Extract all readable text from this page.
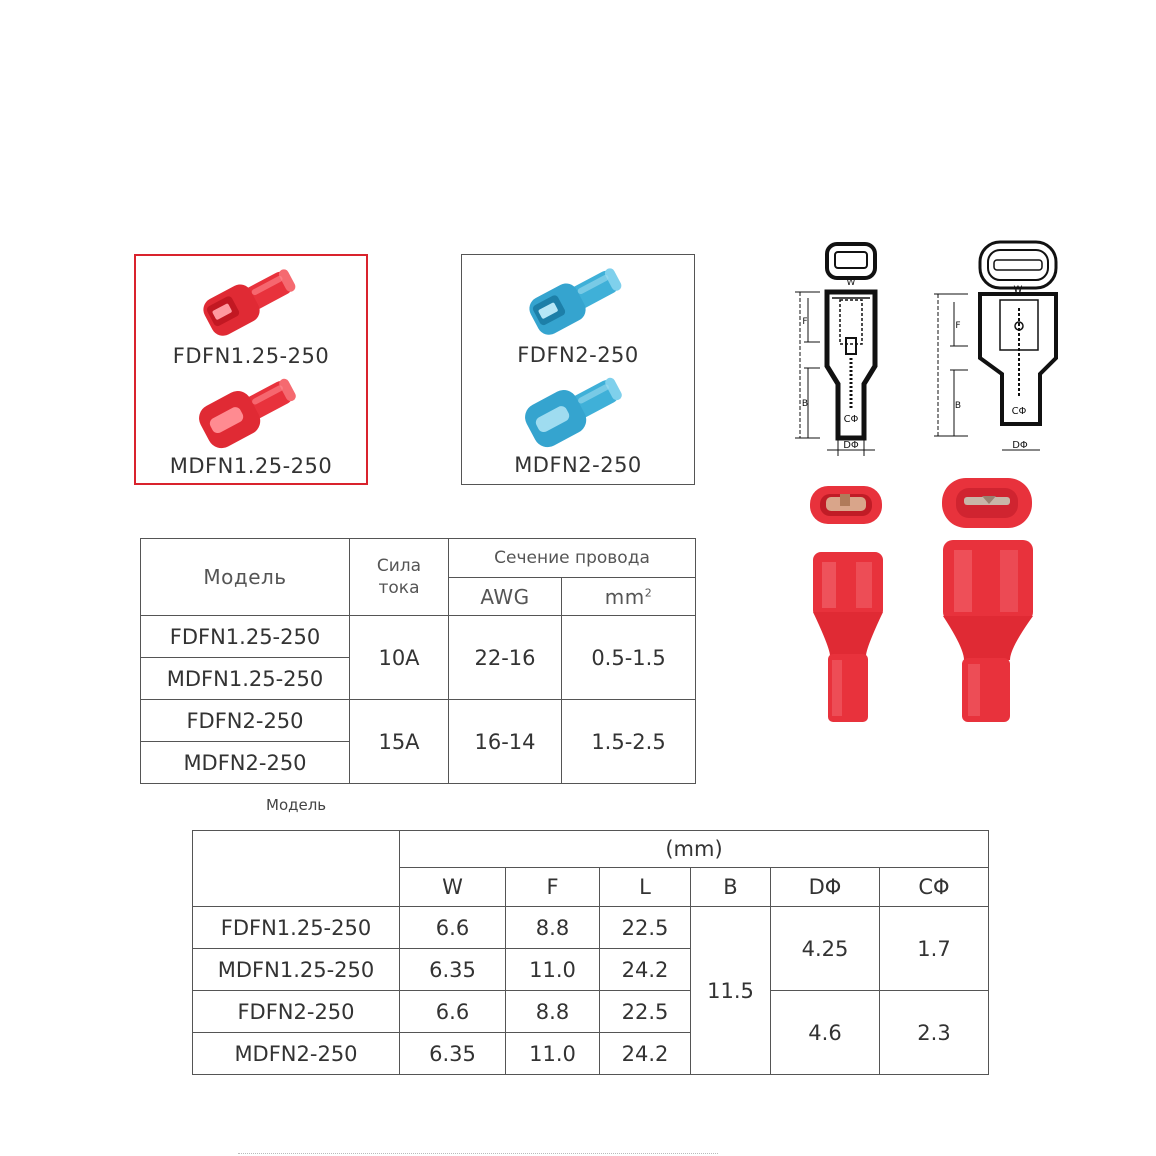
FDFN1.25-250
MDFN1.25-250
FDFN2-250
MDFN2-250
W
F
B
CΦ
DΦ
W
F
B	CΦ
DΦ
Модель	Сила
тока	Сечение провода	
		AWG	$mm^2$
FDFN1.25-250	10A	22-16	0.5-1.5
MDFN1.25-250			
FDFN2-250	15A	16-14	1.5-2.5
MDFN2-250			
Модель
	(mm)					
	W	F	L	B	DΦ	CΦ
FDFN1.25-250	6.6	8.8	22.5	11.5	4.25	1.7
MDFN1.25-250	6.35	11.0	24.2			
FDFN2-250	6.6	8.8	22.5		4.6	2.3
MDFN2-250	6.35	11.0	24.2			
